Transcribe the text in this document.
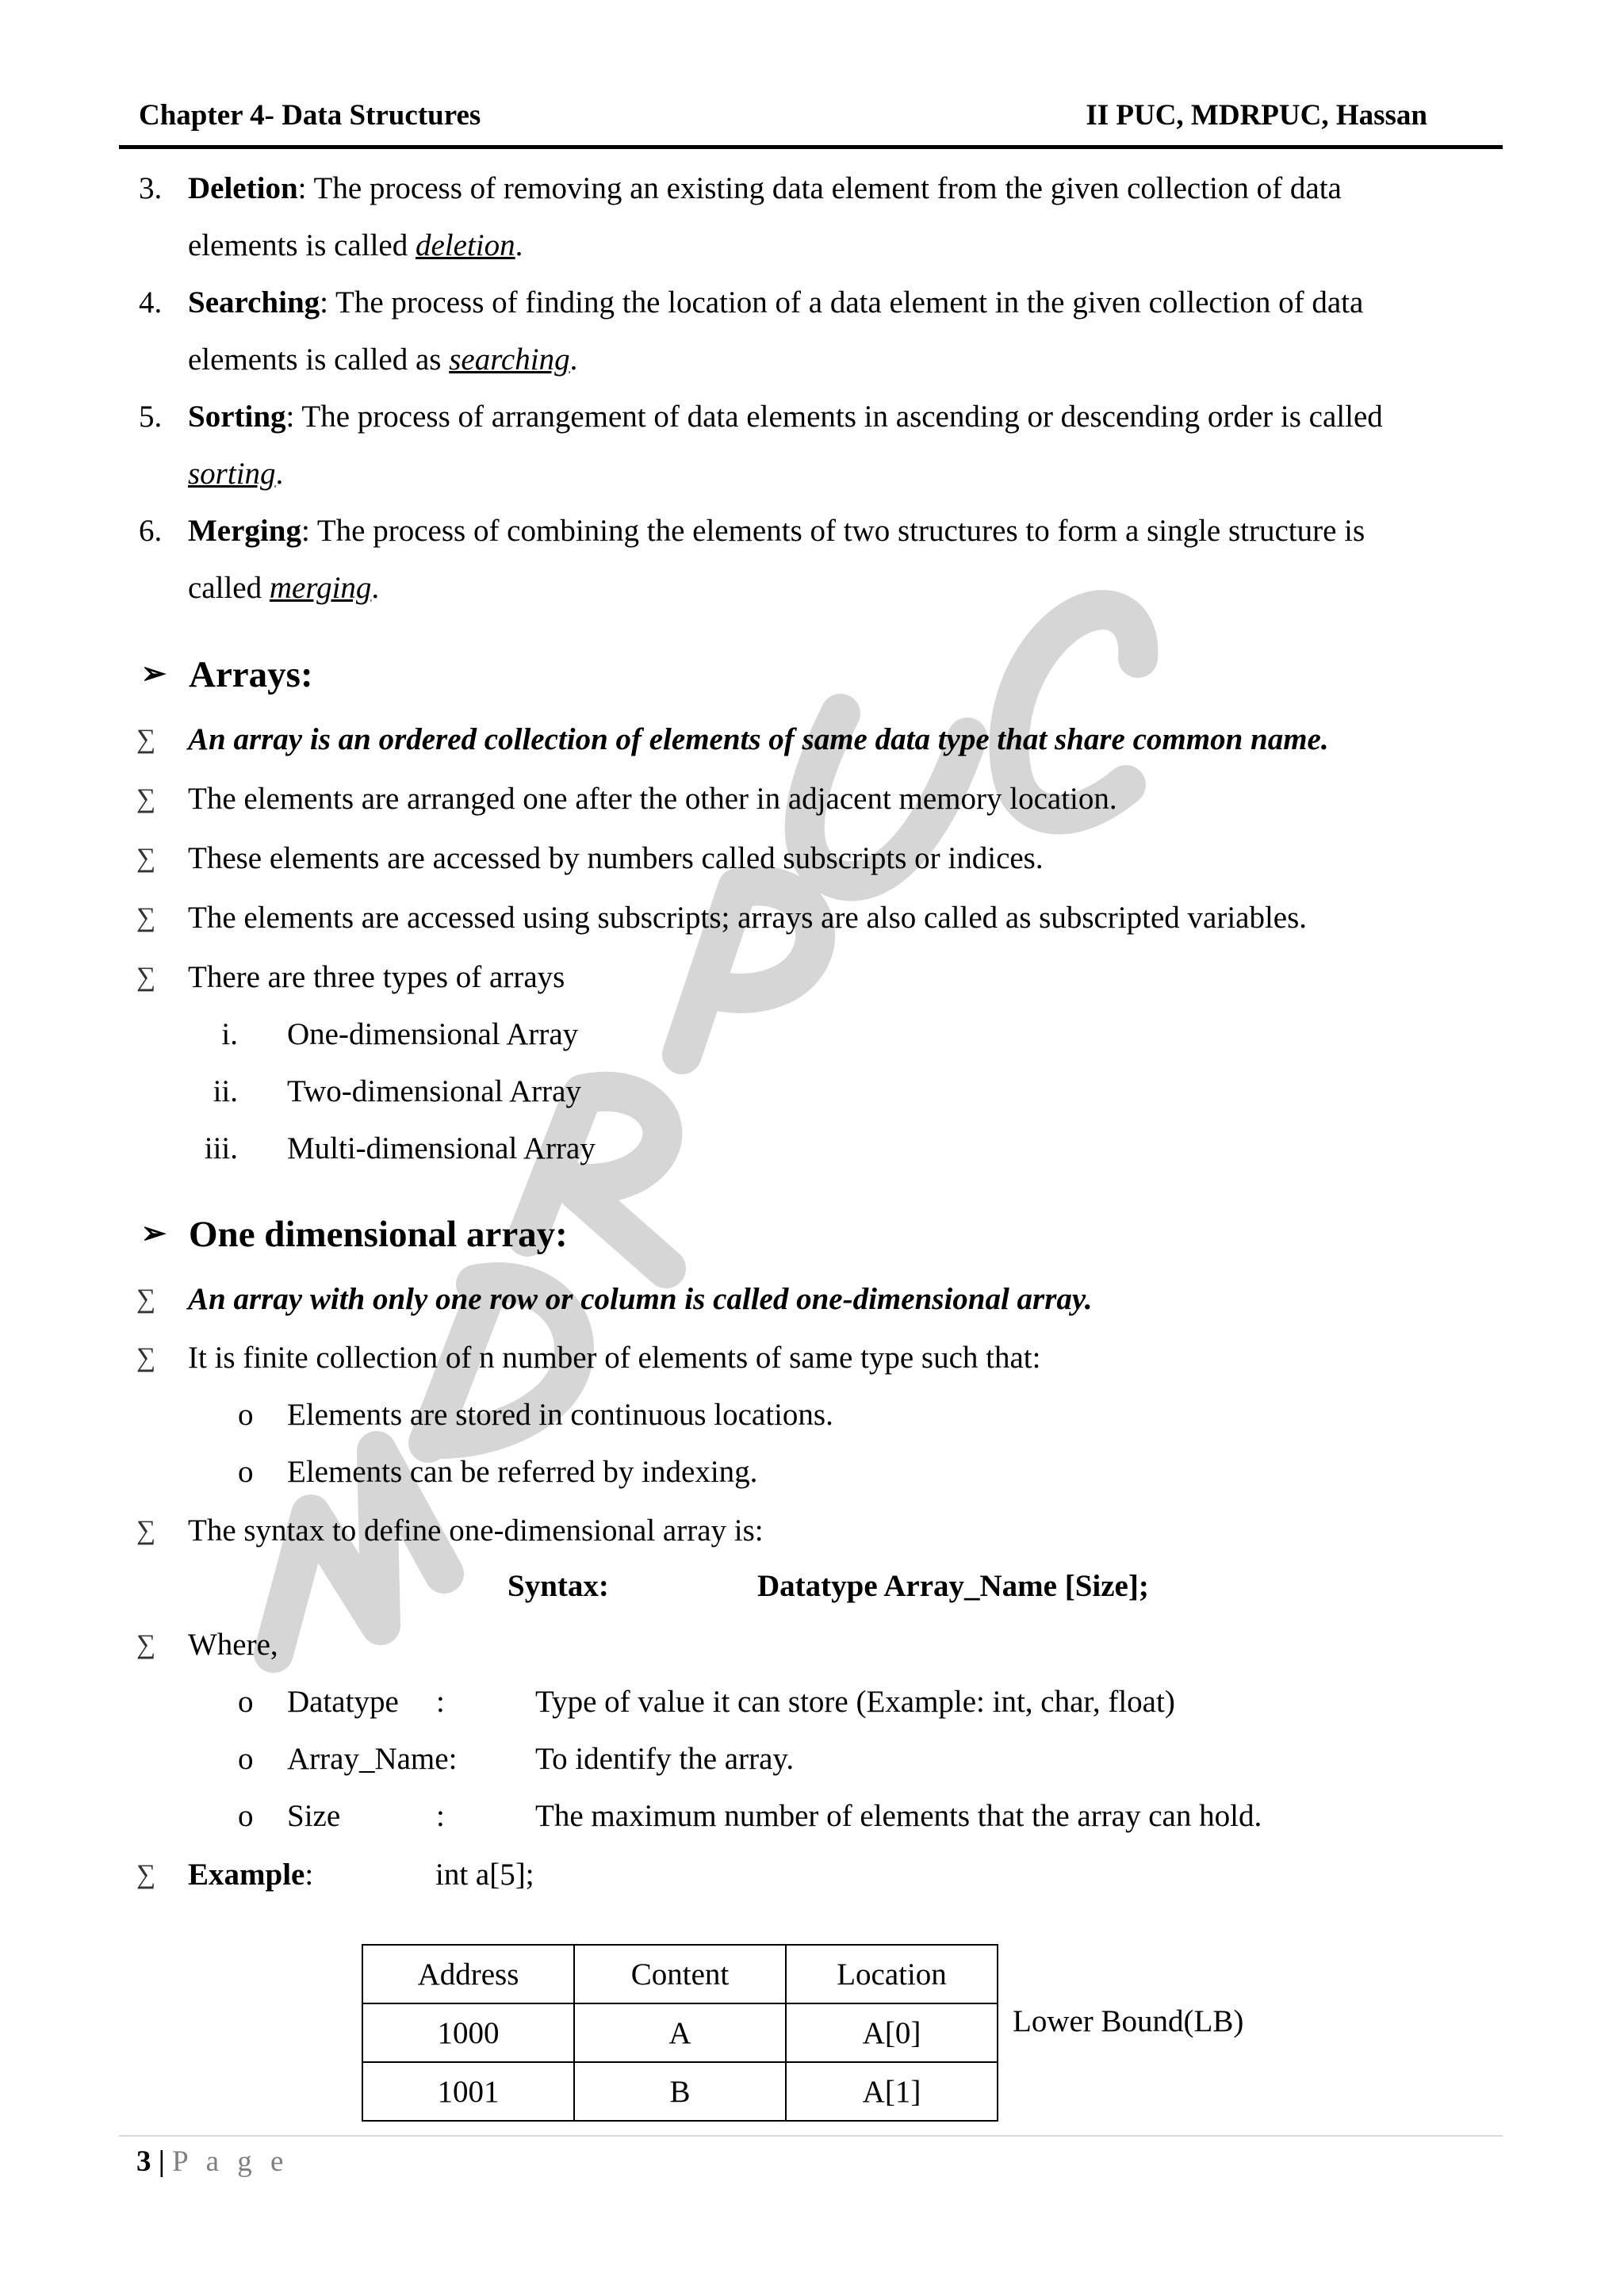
Chapter 4- Data Structures	II PUC, MDRPUC, Hassan
3. Deletion: The process of removing an existing data element from the given collection of data
elements is called deletion.
4. Searching: The process of finding the location of a data element in the given collection of data
elements is called as searching.
5. Sorting: The process of arrangement of data elements in ascending or descending order is called
sorting.
6. Merging: The process of combining the elements of two structures to form a single structure is
called merging.
➢ Arrays:
∑ An array is an ordered collection of elements of same data type that share common name.
∑ The elements are arranged one after the other in adjacent memory location.
∑ These elements are accessed by numbers called subscripts or indices.
∑ The elements are accessed using subscripts; arrays are also called as subscripted variables.
∑ There are three types of arrays
i. One-dimensional Array
ii. Two-dimensional Array
iii. Multi-dimensional Array
➢ One dimensional array:
∑ An array with only one row or column is called one-dimensional array.
∑ It is finite collection of n number of elements of same type such that:
o Elements are stored in continuous locations.
o Elements can be referred by indexing.
∑ The syntax to define one-dimensional array is:
Syntax:	Datatype Array_Name [Size];
∑ Where,
o Datatype :	Type of value it can store (Example: int, char, float)
o Array_Name:	To identify the array.
o Size	:	The maximum number of elements that the array can hold.
∑ Example:	int a[5];
Address	Content	Location
1000	A	A[0]
1001	B	A[1]
Lower Bound(LB)
3 | P a g e
